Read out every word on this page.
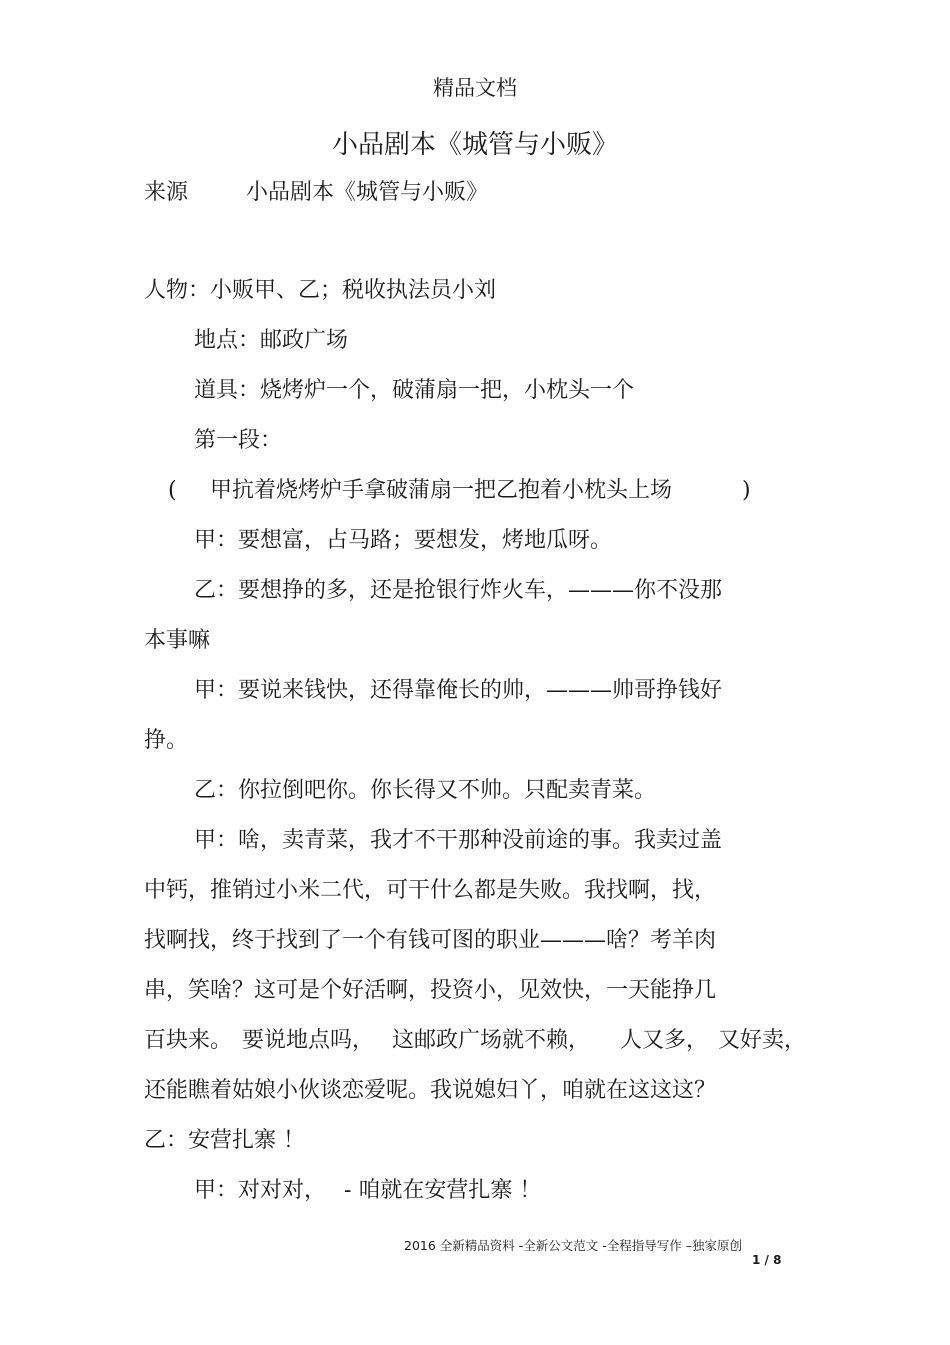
精品文档
小品剧本《城管与小贩》
来源	小品剧本《城管与小贩》
人物：小贩甲、乙；税收执法员小刘
地点：邮政广场
道具：烧烤炉一个，破蒲扇一把，小枕头一个
第一段：
( 甲抗着烧烤炉手拿破蒲扇一把乙抱着小枕头上场	)
甲：要想富，占马路；要想发，烤地瓜呀。
乙：要想挣的多，还是抢银行炸火车，———你不没那
本事嘛
甲：要说来钱快，还得靠俺长的帅，———帅哥挣钱好
挣。
乙：你拉倒吧你。你长得又不帅。只配卖青菜。
甲：啥，卖青菜，我才不干那种没前途的事。我卖过盖
中钙，推销过小米二代，可干什么都是失败。我找啊，找，
找啊找，终于找到了一个有钱可图的职业———啥？考羊肉
串，笑啥？这可是个好活啊，投资小，见效快，一天能挣几
百块来。 要说地点吗， 这邮政广场就不赖， 人又多， 又好卖，
还能瞧着姑娘小伙谈恋爱呢。我说媳妇丫，咱就在这这这？
乙：安营扎寨 ！
甲：对对对， - 咱就在安营扎寨 ！
2016 全新精品资料 -全新公文范文 -全程指导写作 –独家原创
1 / 8
